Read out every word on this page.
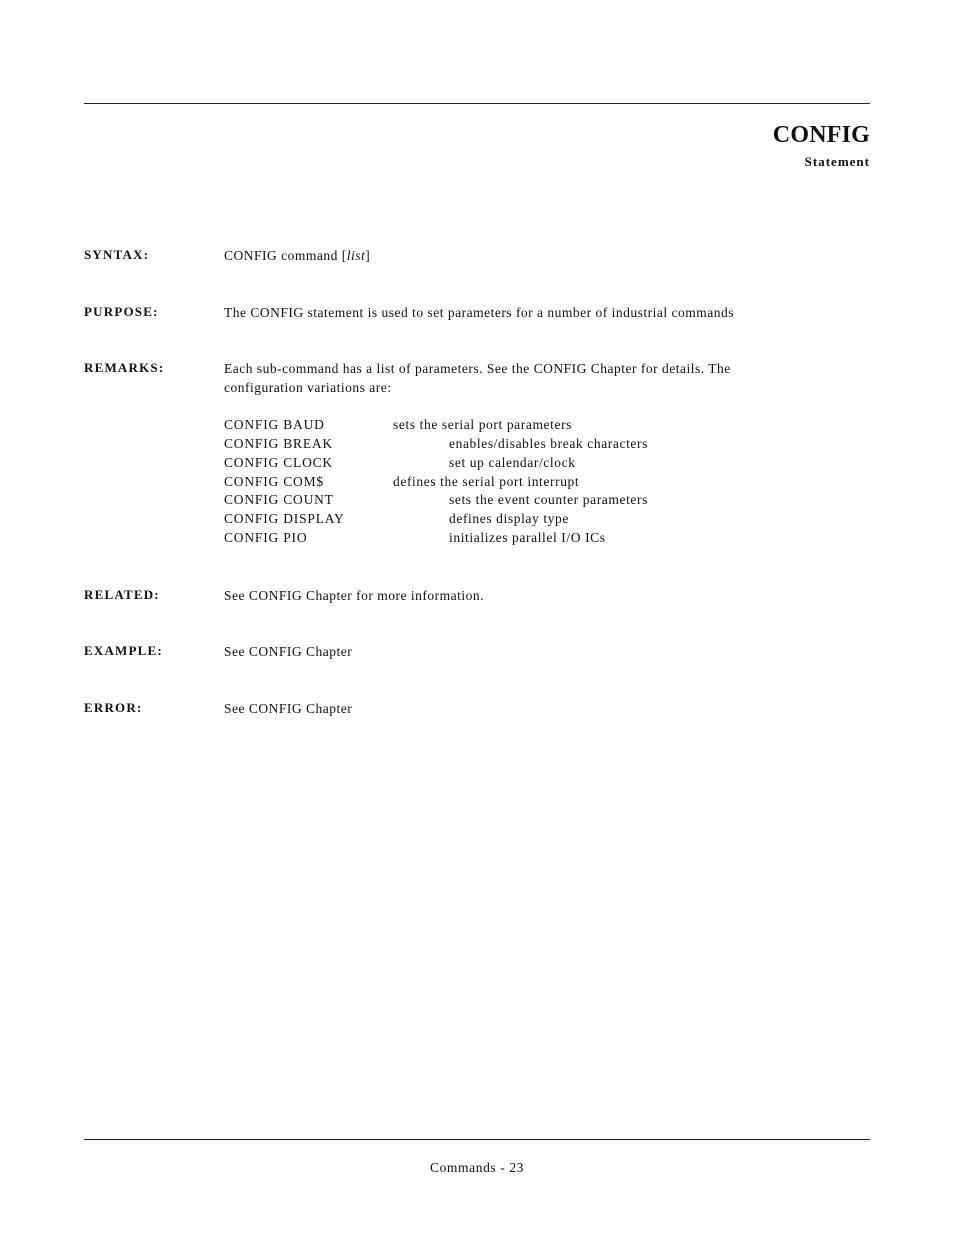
CONFIG
Statement
SYNTAX:	CONFIG command [list]
PURPOSE:	The CONFIG statement is used to set parameters for a number of industrial commands
REMARKS:	Each sub-command has a list of parameters. See the CONFIG Chapter for details. The
configuration variations are:
CONFIG BAUD	sets the serial port parameters
CONFIG BREAK	enables/disables break characters
CONFIG CLOCK	set up calendar/clock
CONFIG COM$	defines the serial port interrupt
CONFIG COUNT	sets the event counter parameters
CONFIG DISPLAY	defines display type
CONFIG PIO	initializes parallel I/O ICs
RELATED:	See CONFIG Chapter for more information.
EXAMPLE:	See CONFIG Chapter
ERROR:	See CONFIG Chapter
Commands - 23
